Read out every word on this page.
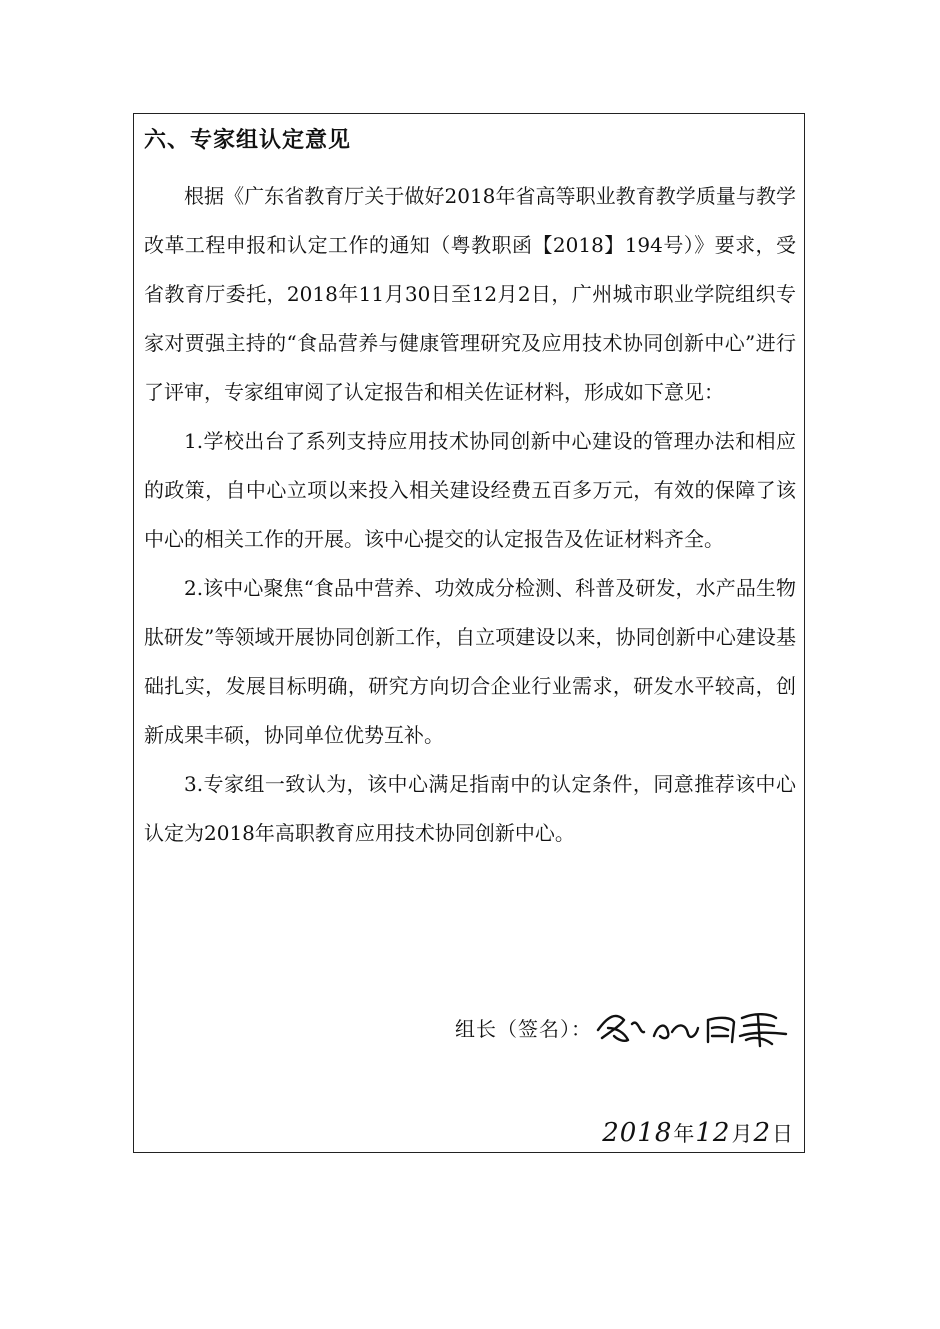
六、专家组认定意见

根据《广东省教育厅关于做好2018年省高等职业教育教学质量与教学改革工程申报和认定工作的通知（粤教职函【2018】194号）》要求，受省教育厅委托，2018年11月30日至12月2日，广州城市职业学院组织专家对贾强主持的“食品营养与健康管理研究及应用技术协同创新中心”进行了评审，专家组审阅了认定报告和相关佐证材料，形成如下意见：

1.学校出台了系列支持应用技术协同创新中心建设的管理办法和相应的政策，自中心立项以来投入相关建设经费五百多万元，有效的保障了该中心的相关工作的开展。该中心提交的认定报告及佐证材料齐全。

2.该中心聚焦“食品中营养、功效成分检测、科普及研发，水产品生物肽研发”等领域开展协同创新工作，自立项建设以来，协同创新中心建设基础扎实，发展目标明确，研究方向切合企业行业需求，研发水平较高，创新成果丰硕，协同单位优势互补。

3.专家组一致认为，该中心满足指南中的认定条件，同意推荐该中心认定为2018年高职教育应用技术协同创新中心。

组长（签名）：
2018 年 12 月 2 日
